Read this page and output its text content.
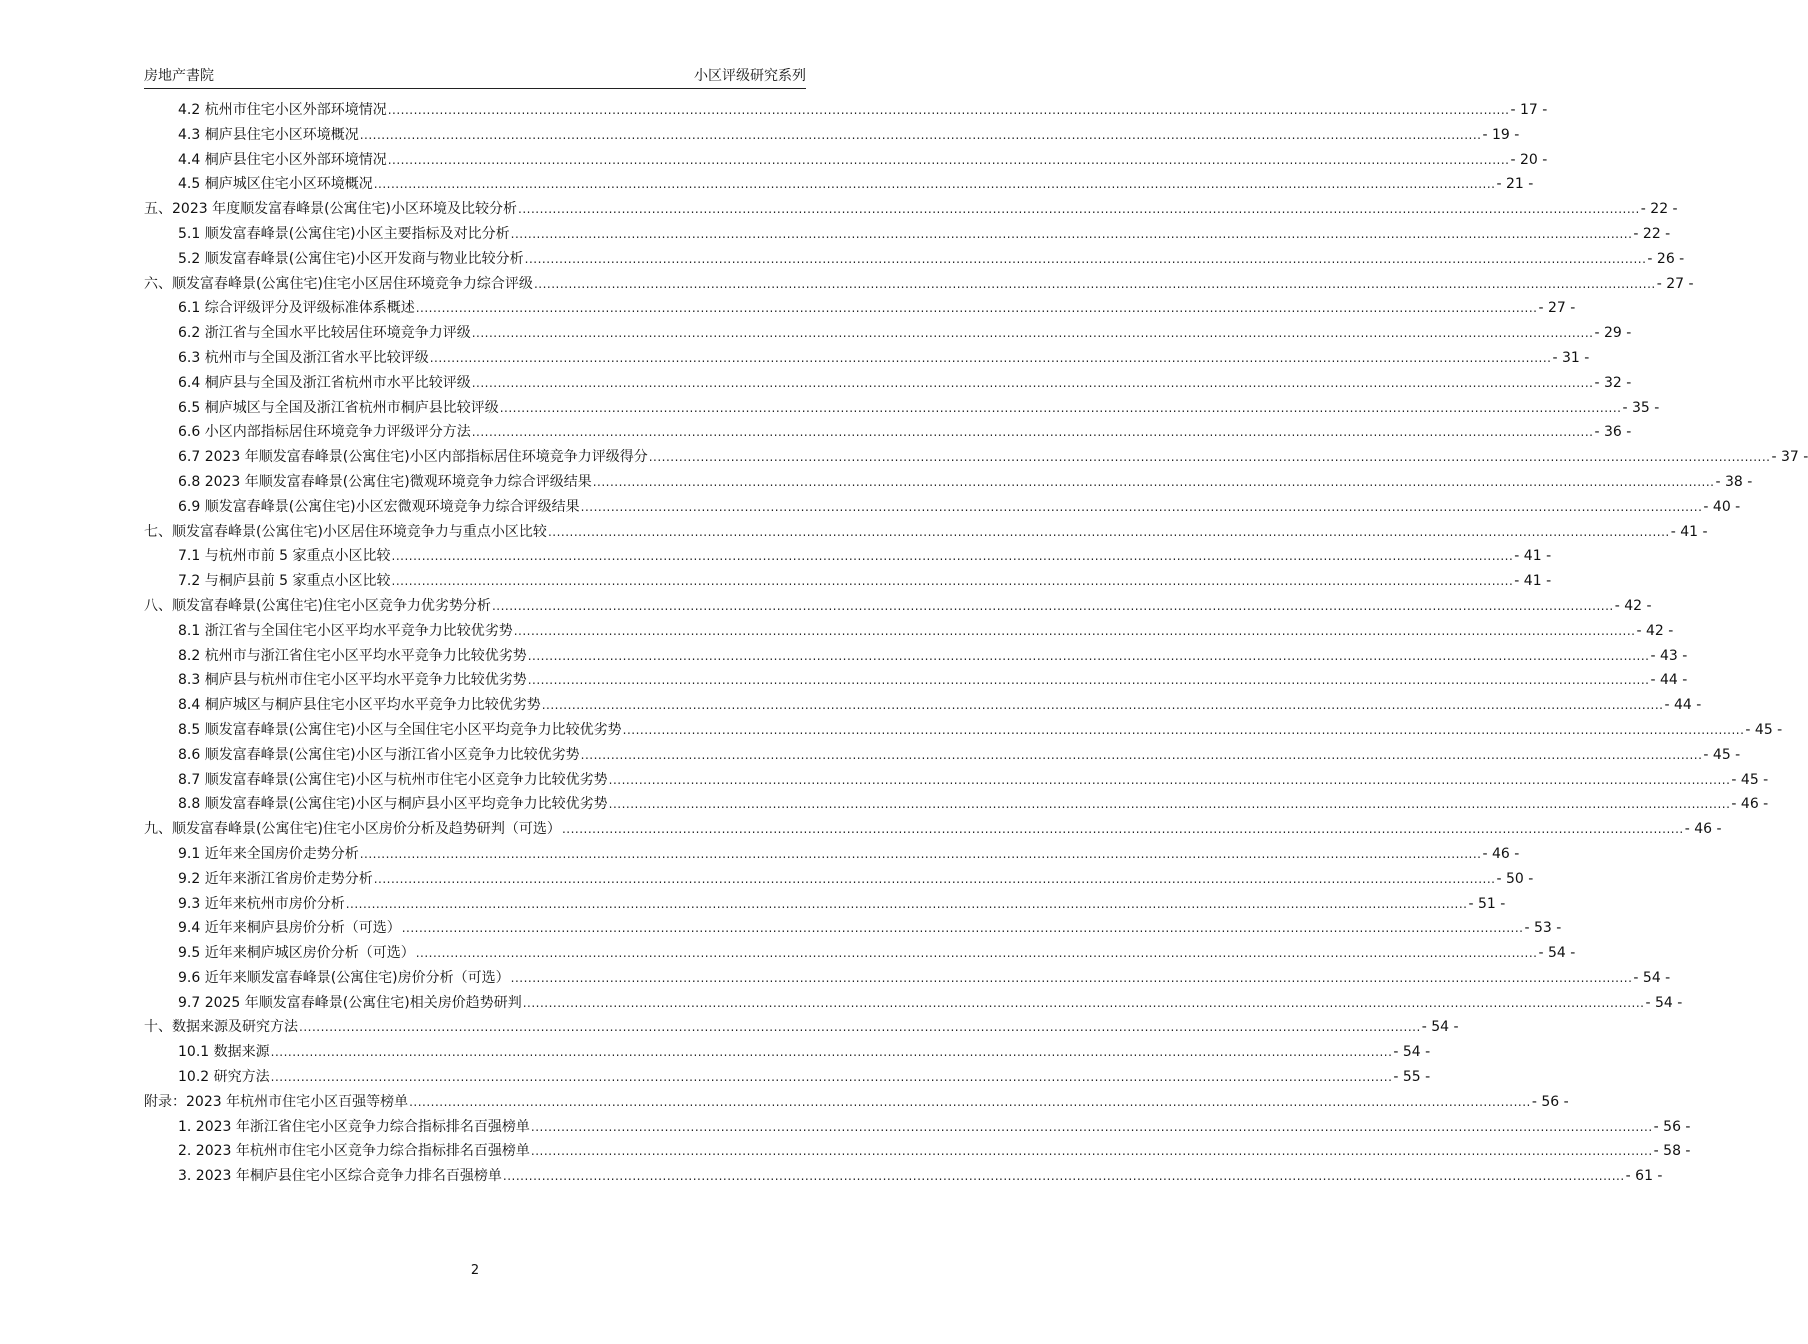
房地产書院	小区评级研究系列
4.2 杭州市住宅小区外部环境情况 .................................................................................................................................................................................................................................................................... - 17 -
4.3 桐庐县住宅小区环境概况 .................................................................................................................................................................................................................................................................... - 19 -
4.4 桐庐县住宅小区外部环境情况 .................................................................................................................................................................................................................................................................... - 20 -
4.5 桐庐城区住宅小区环境概况 .................................................................................................................................................................................................................................................................... - 21 -
五、2023 年度顺发富春峰景(公寓住宅)小区环境及比较分析 .................................................................................................................................................................................................................................................................... - 22 -
5.1 顺发富春峰景(公寓住宅)小区主要指标及对比分析 .................................................................................................................................................................................................................................................................... - 22 -
5.2 顺发富春峰景(公寓住宅)小区开发商与物业比较分析 .................................................................................................................................................................................................................................................................... - 26 -
六、顺发富春峰景(公寓住宅)住宅小区居住环境竞争力综合评级 .................................................................................................................................................................................................................................................................... - 27 -
6.1 综合评级评分及评级标准体系概述 .................................................................................................................................................................................................................................................................... - 27 -
6.2 浙江省与全国水平比较居住环境竞争力评级 .................................................................................................................................................................................................................................................................... - 29 -
6.3 杭州市与全国及浙江省水平比较评级 .................................................................................................................................................................................................................................................................... - 31 -
6.4 桐庐县与全国及浙江省杭州市水平比较评级 .................................................................................................................................................................................................................................................................... - 32 -
6.5 桐庐城区与全国及浙江省杭州市桐庐县比较评级 .................................................................................................................................................................................................................................................................... - 35 -
6.6 小区内部指标居住环境竞争力评级评分方法 .................................................................................................................................................................................................................................................................... - 36 -
6.7 2023 年顺发富春峰景(公寓住宅)小区内部指标居住环境竞争力评级得分 .................................................................................................................................................................................................................................................................... - 37 -
6.8 2023 年顺发富春峰景(公寓住宅)微观环境竞争力综合评级结果 .................................................................................................................................................................................................................................................................... - 38 -
6.9 顺发富春峰景(公寓住宅)小区宏微观环境竞争力综合评级结果 .................................................................................................................................................................................................................................................................... - 40 -
七、顺发富春峰景(公寓住宅)小区居住环境竞争力与重点小区比较 .................................................................................................................................................................................................................................................................... - 41 -
7.1 与杭州市前 5 家重点小区比较 .................................................................................................................................................................................................................................................................... - 41 -
7.2 与桐庐县前 5 家重点小区比较 .................................................................................................................................................................................................................................................................... - 41 -
八、顺发富春峰景(公寓住宅)住宅小区竞争力优劣势分析 .................................................................................................................................................................................................................................................................... - 42 -
8.1 浙江省与全国住宅小区平均水平竞争力比较优劣势 .................................................................................................................................................................................................................................................................... - 42 -
8.2 杭州市与浙江省住宅小区平均水平竞争力比较优劣势 .................................................................................................................................................................................................................................................................... - 43 -
8.3 桐庐县与杭州市住宅小区平均水平竞争力比较优劣势 .................................................................................................................................................................................................................................................................... - 44 -
8.4 桐庐城区与桐庐县住宅小区平均水平竞争力比较优劣势 .................................................................................................................................................................................................................................................................... - 44 -
8.5 顺发富春峰景(公寓住宅)小区与全国住宅小区平均竞争力比较优劣势 .................................................................................................................................................................................................................................................................... - 45 -
8.6 顺发富春峰景(公寓住宅)小区与浙江省小区竞争力比较优劣势 .................................................................................................................................................................................................................................................................... - 45 -
8.7 顺发富春峰景(公寓住宅)小区与杭州市住宅小区竞争力比较优劣势 .................................................................................................................................................................................................................................................................... - 45 -
8.8 顺发富春峰景(公寓住宅)小区与桐庐县小区平均竞争力比较优劣势 .................................................................................................................................................................................................................................................................... - 46 -
九、顺发富春峰景(公寓住宅)住宅小区房价分析及趋势研判（可选） .................................................................................................................................................................................................................................................................... - 46 -
9.1 近年来全国房价走势分析 .................................................................................................................................................................................................................................................................... - 46 -
9.2 近年来浙江省房价走势分析 .................................................................................................................................................................................................................................................................... - 50 -
9.3 近年来杭州市房价分析 .................................................................................................................................................................................................................................................................... - 51 -
9.4 近年来桐庐县房价分析（可选） .................................................................................................................................................................................................................................................................... - 53 -
9.5 近年来桐庐城区房价分析（可选） .................................................................................................................................................................................................................................................................... - 54 -
9.6 近年来顺发富春峰景(公寓住宅)房价分析（可选） .................................................................................................................................................................................................................................................................... - 54 -
9.7 2025 年顺发富春峰景(公寓住宅)相关房价趋势研判 .................................................................................................................................................................................................................................................................... - 54 -
十、数据来源及研究方法 .................................................................................................................................................................................................................................................................... - 54 -
10.1 数据来源 .................................................................................................................................................................................................................................................................... - 54 -
10.2 研究方法 .................................................................................................................................................................................................................................................................... - 55 -
附录：2023 年杭州市住宅小区百强等榜单 .................................................................................................................................................................................................................................................................... - 56 -
1. 2023 年浙江省住宅小区竞争力综合指标排名百强榜单 .................................................................................................................................................................................................................................................................... - 56 -
2. 2023 年杭州市住宅小区竞争力综合指标排名百强榜单 .................................................................................................................................................................................................................................................................... - 58 -
3. 2023 年桐庐县住宅小区综合竞争力排名百强榜单 .................................................................................................................................................................................................................................................................... - 61 -
2
